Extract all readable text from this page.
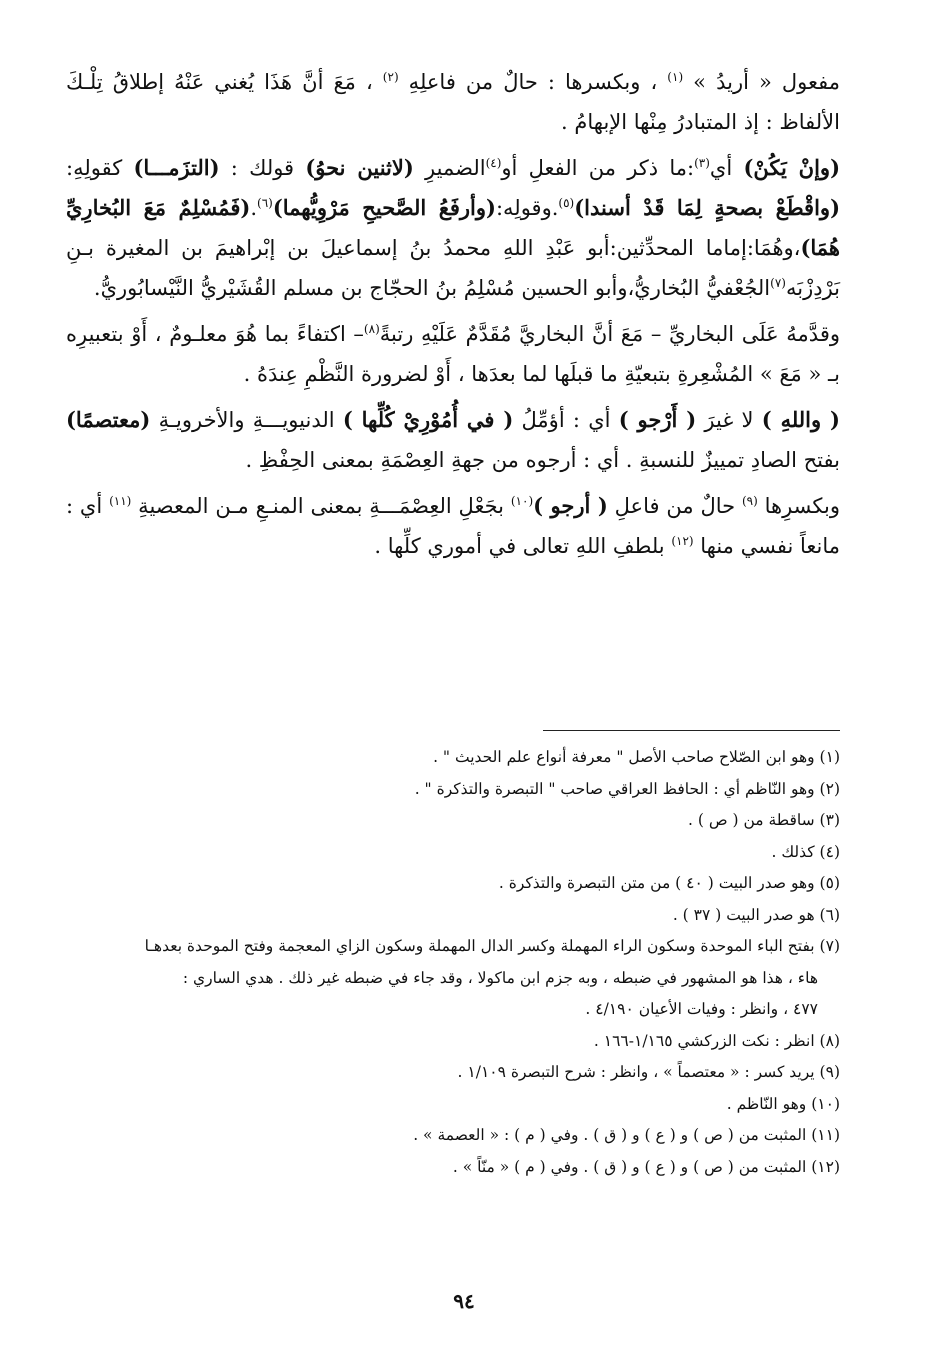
مفعول « أريدُ » $^{(١)}$ ، وبكسرها : حالٌ من فاعلِهِ $^{(٢)}$ ، مَعَ أنَّ هَذَا يُغني عَنْهُ إطلاقُ تِلْـكَ الألفاظ : إذ المتبادرُ مِنْها الإبهامُ .

(وإنْ يَكُنْ) أي$^{(٣)}$:ما ذكر من الفعلِ أو$^{(٤)}$الضميرِ (لاثنين نحوُ) قولك : (التزَمـــا) كقولِهِ:(واقْطَعْ بصحةٍ لِمَا قَدْ أسندا)$^{(٥)}$.وقولِه:(وأرفَعُ الصَّحيحِ مَرْوِيُّهما)$^{(٦)}$.(فَمُسْلِمٌ مَعَ البُخارِيِّ هُمَا)،وهُمَا:إماما المحدِّثين:أبو عَبْدِ اللهِ محمدُ بنُ إسماعيلَ بن إبْراهيمَ بن المغيرة بـنِ بَرْدِزْبَه$^{(٧)}$الجُعْفيُّ البُخاريُّ،وأبو الحسين مُسْلِمُ بنُ الحجّاج بن مسلم القُشَيْريُّ النَّيْسابُوريُّ.

وقدَّمهُ عَلَى البخاريِّ – مَعَ أنَّ البخاريَّ مُقَدَّمٌ عَلَيْهِ رتبةً$^{(٨)}$– اكتفاءً بما هُوَ معلـومٌ ، أَوْ بتعبيرِه بـ « مَعَ » المُشْعِرةِ بتبعيّةِ ما قبلَها لما بعدَها ، أَوْ لضرورة النَّظْمِ عِندَهُ .

( واللهِ ) لا غيرَ ( أَرْجو ) أي : أؤمِّلُ ( في أُمُوْرِيْ كُلِّها ) الدنيويـــةِ والأخرويـةِ (معتصمًا) بفتح الصادِ تمييزٌ للنسبةِ . أي : أرجوه من جهةِ العِصْمَةِ بمعنى الحِفْظِ .

وبكسرِها $^{(٩)}$ حالٌ من فاعلِ ( أرجو )$^{(١٠)}$ بجَعْلِ العِصْمَـــةِ بمعنى المنـعِ مـن المعصيةِ $^{(١١)}$ أي : مانعاً نفسي منها $^{(١٢)}$ بلطفِ اللهِ تعالى في أموري كلِّها .

(١) وهو ابن الصّلاح صاحب الأصل " معرفة أنواع علم الحديث " .
(٢) وهو النّاظم أي : الحافظ العراقي صاحب " التبصرة والتذكرة " .
(٣) ساقطة من ( ص ) .
(٤) كذلك .
(٥) وهو صدر البيت ( ٤٠ ) من متن التبصرة والتذكرة .
(٦) هو صدر البيت ( ٣٧ ) .
(٧) بفتح الباء الموحدة وسكون الراء المهملة وكسر الدال المهملة وسكون الزاي المعجمة وفتح الموحدة بعدهـا
هاء ، هذا هو المشهور في ضبطه ، وبه جزم ابن ماكولا ، وقد جاء في ضبطه غير ذلك . هدي الساري :
٤٧٧ ، وانظر : وفيات الأعيان ٤/١٩٠ .
(٨) انظر : نكت الزركشي ١/١٦٥-١٦٦ .
(٩) يريد كسر : « معتصماً » ، وانظر : شرح التبصرة ١/١٠٩ .
(١٠) وهو النّاظم .
(١١) المثبت من ( ص ) و ( ع ) و ( ق ) . وفي ( م ) : « العصمة » .
(١٢) المثبت من ( ص ) و ( ع ) و ( ق ) . وفي ( م ) « منّاً » .
٩٤
